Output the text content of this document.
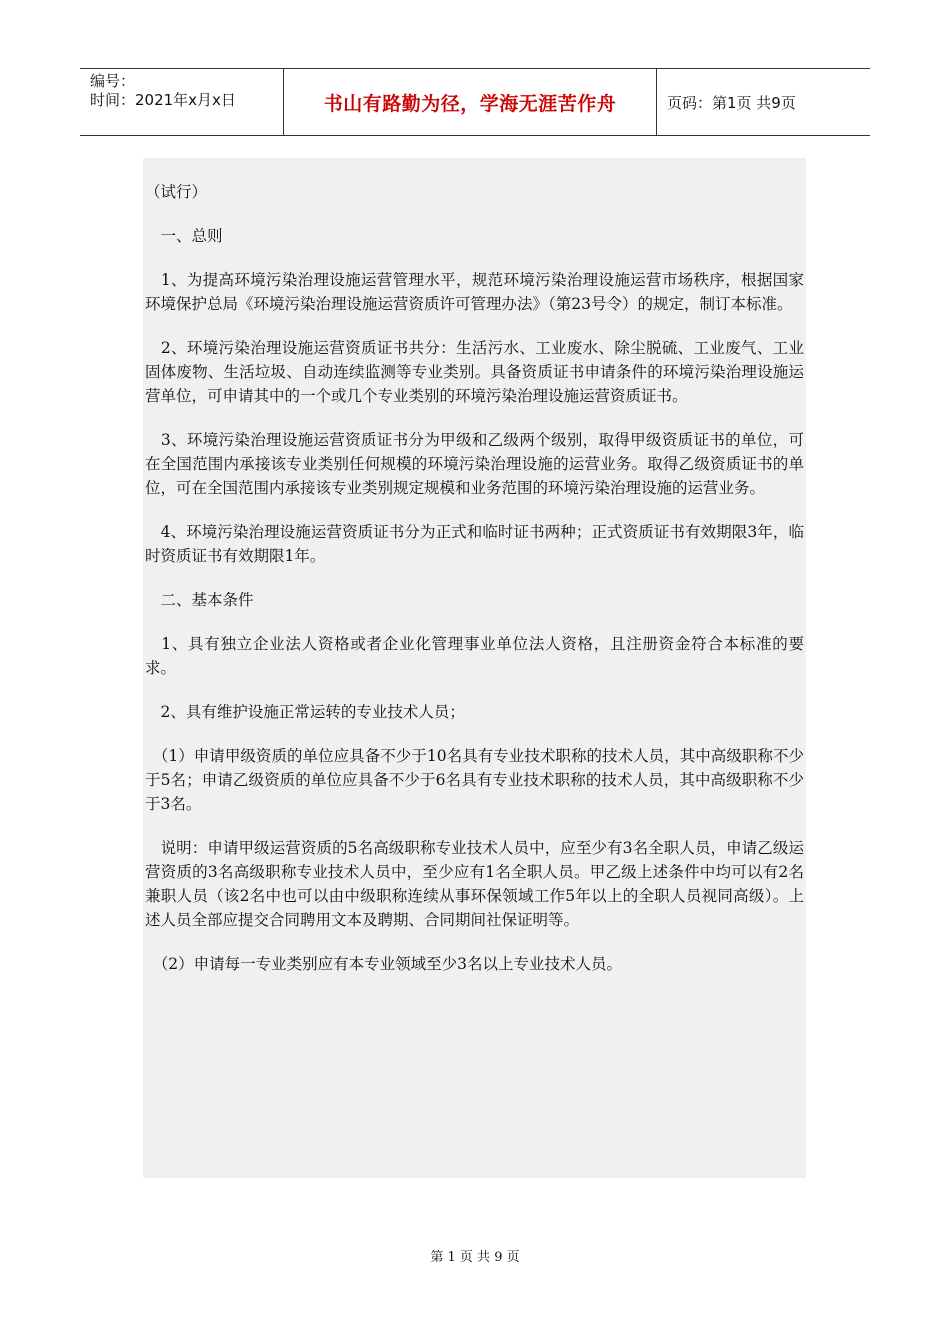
编号：
时间：2021年x月x日	书山有路勤为径，学海无涯苦作舟	页码：第1页 共9页

（试行）

　一、总则

　1、为提高环境污染治理设施运营管理水平，规范环境污染治理设施运营市场秩序，根据国家环境保护总局《环境污染治理设施运营资质许可管理办法》（第23号令）的规定，制订本标准。

　2、环境污染治理设施运营资质证书共分：生活污水、工业废水、除尘脱硫、工业废气、工业固体废物、生活垃圾、自动连续监测等专业类别。具备资质证书申请条件的环境污染治理设施运营单位，可申请其中的一个或几个专业类别的环境污染治理设施运营资质证书。

　3、环境污染治理设施运营资质证书分为甲级和乙级两个级别，取得甲级资质证书的单位，可在全国范围内承接该专业类别任何规模的环境污染治理设施的运营业务。取得乙级资质证书的单位，可在全国范围内承接该专业类别规定规模和业务范围的环境污染治理设施的运营业务。

　4、环境污染治理设施运营资质证书分为正式和临时证书两种；正式资质证书有效期限3年，临时资质证书有效期限1年。

　二、基本条件

　1、具有独立企业法人资格或者企业化管理事业单位法人资格，且注册资金符合本标准的要求。

　2、具有维护设施正常运转的专业技术人员；

　（1）申请甲级资质的单位应具备不少于10名具有专业技术职称的技术人员，其中高级职称不少于5名；申请乙级资质的单位应具备不少于6名具有专业技术职称的技术人员，其中高级职称不少于3名。

　说明：申请甲级运营资质的5名高级职称专业技术人员中，应至少有3名全职人员，申请乙级运营资质的3名高级职称专业技术人员中，至少应有1名全职人员。甲乙级上述条件中均可以有2名兼职人员（该2名中也可以由中级职称连续从事环保领域工作5年以上的全职人员视同高级）。上述人员全部应提交合同聘用文本及聘期、合同期间社保证明等。

　（2）申请每一专业类别应有本专业领域至少3名以上专业技术人员。

第 1 页 共 9 页
